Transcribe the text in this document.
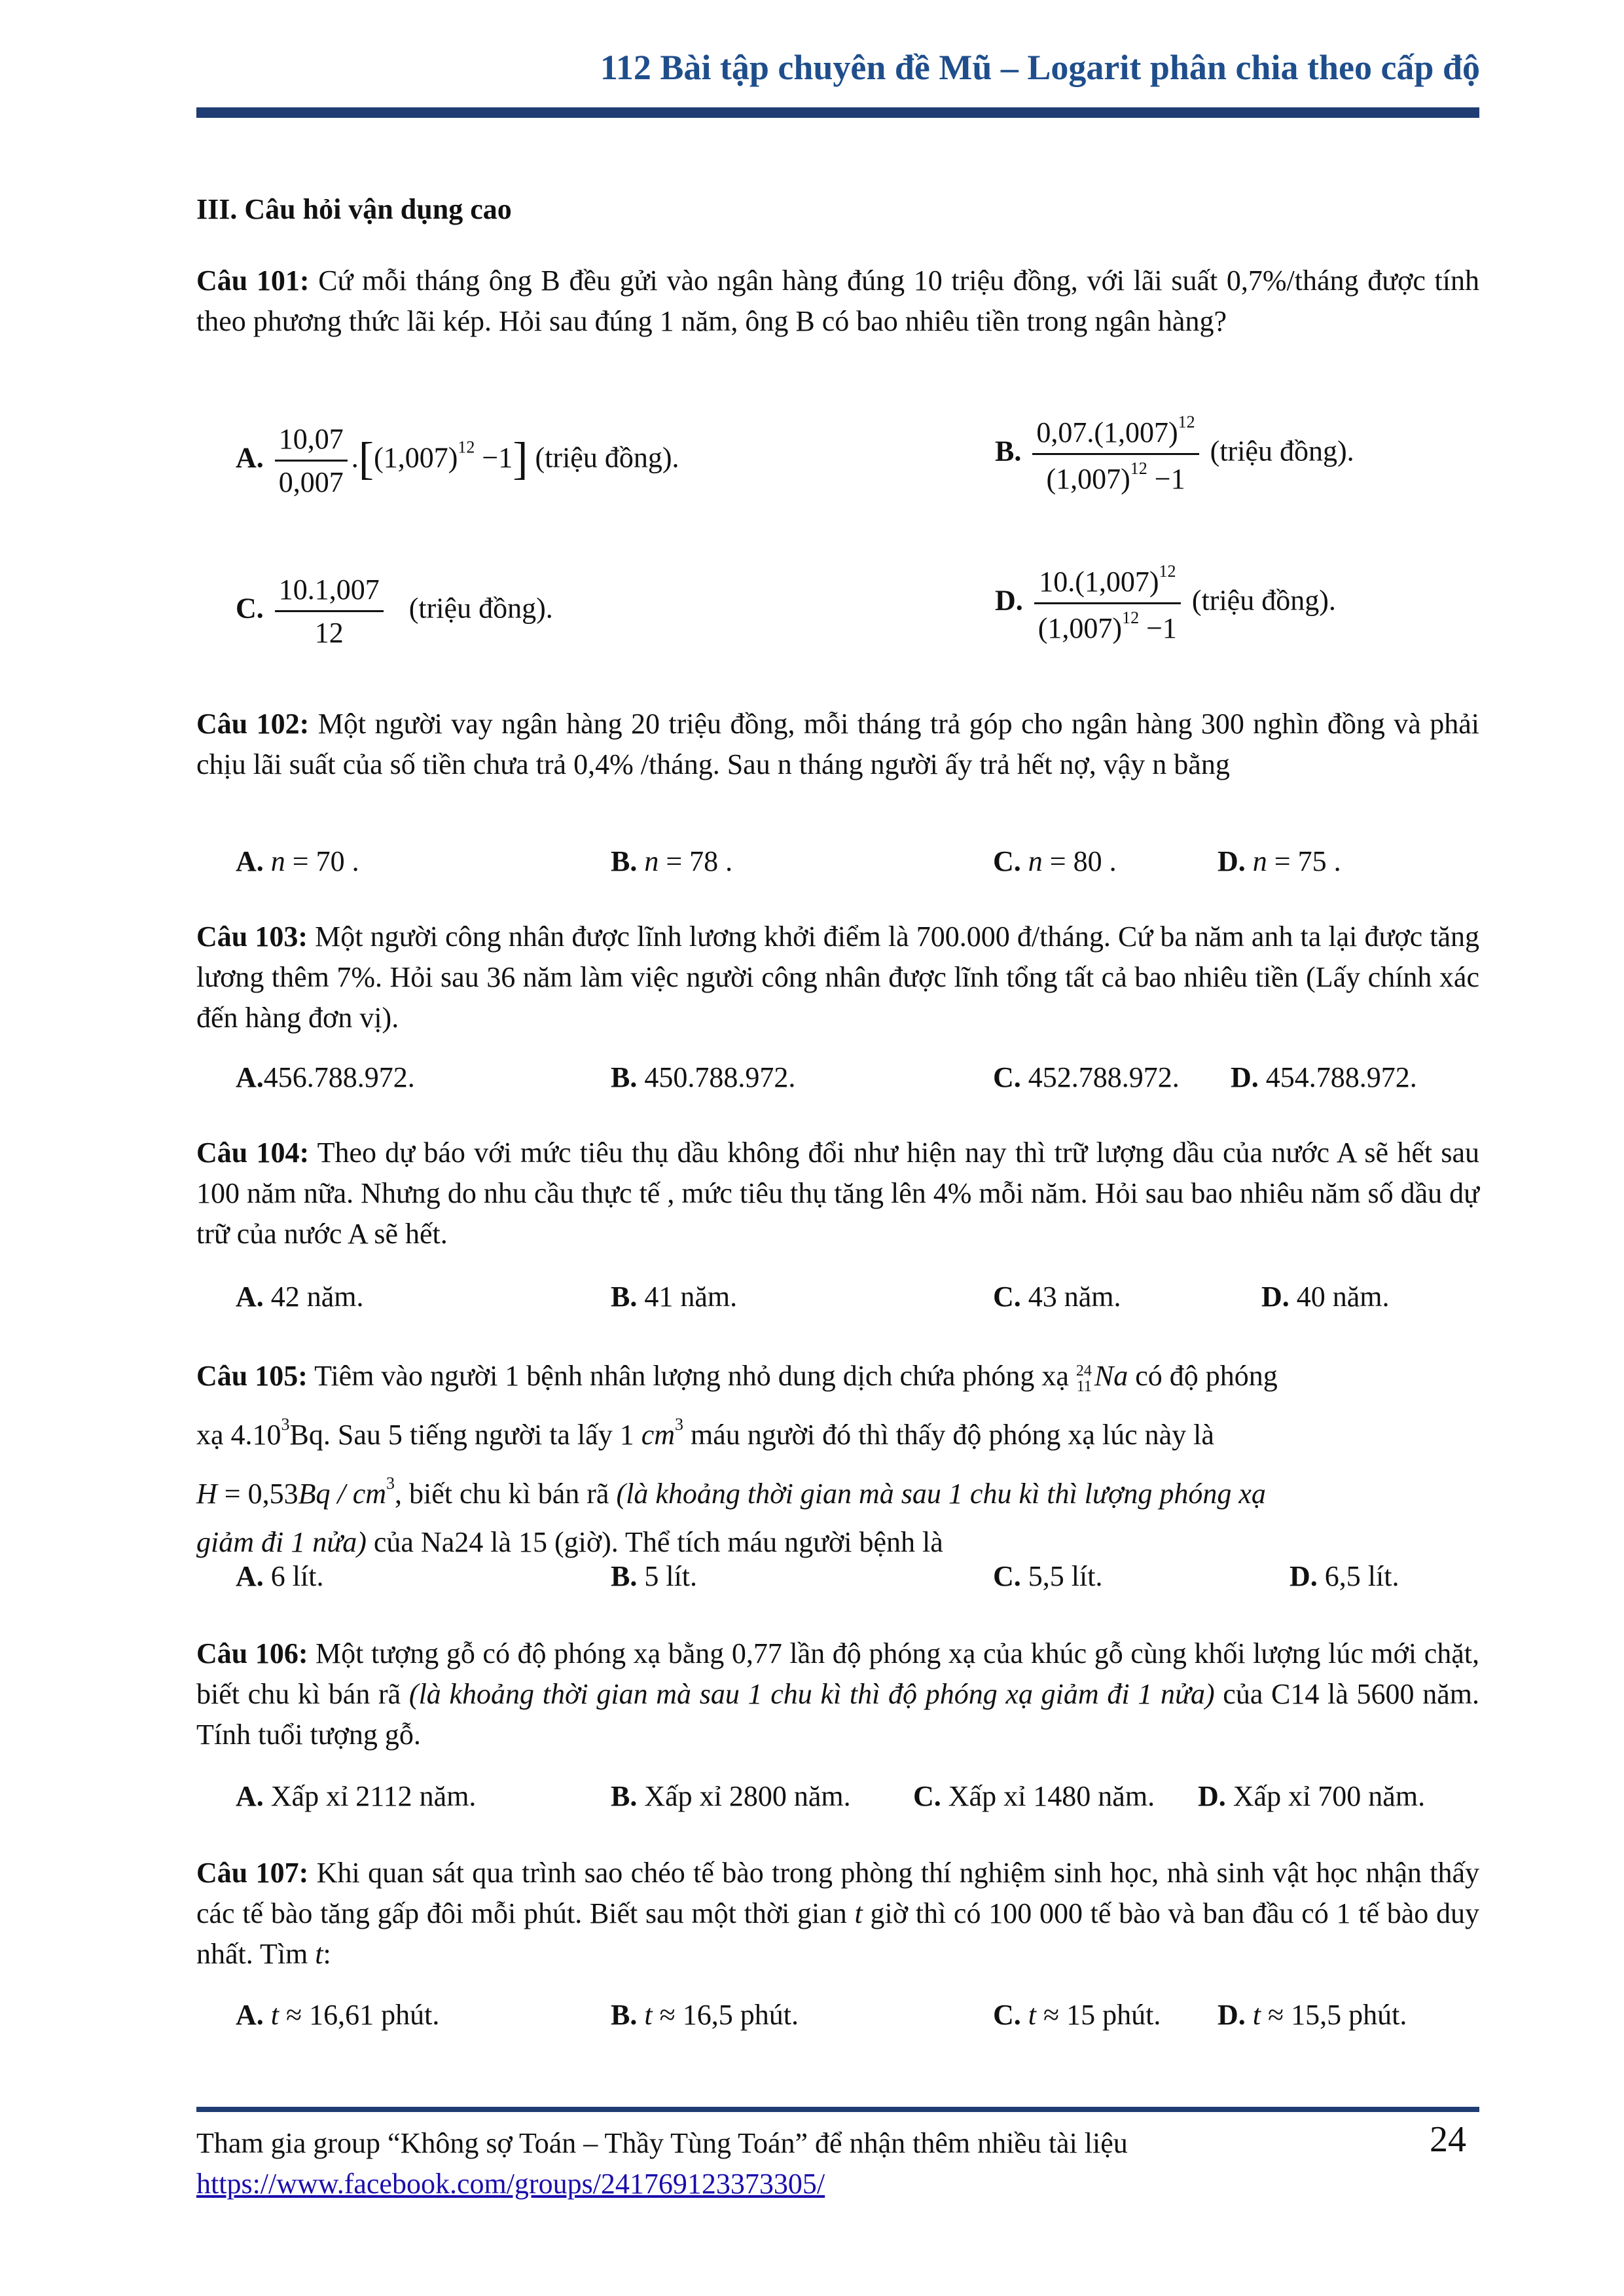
112 Bài tập chuyên đề Mũ – Logarit phân chia theo cấp độ
III. Câu hỏi vận dụng cao
Câu 101: Cứ mỗi tháng ông B đều gửi vào ngân hàng đúng 10 triệu đồng, với lãi suất 0,7%/tháng được tính theo phương thức lãi kép. Hỏi sau đúng 1 năm, ông B có bao nhiêu tiền trong ngân hàng?
A. $\frac{10,07}{0,007} .[(1,007)^{12} -1]$ (triệu đồng).	B. $\frac{0,07.(1,007)^{12}}{(1,007)^{12} -1}$ (triệu đồng).
C. $\frac{10.1,007}{12}$ (triệu đồng).	D. $\frac{10.(1,007)^{12}}{(1,007)^{12} -1}$ (triệu đồng).
Câu 102: Một người vay ngân hàng 20 triệu đồng, mỗi tháng trả góp cho ngân hàng 300 nghìn đồng và phải chịu lãi suất của số tiền chưa trả 0,4% /tháng. Sau n tháng người ấy trả hết nợ, vậy n bằng
A. n = 70 .	B. n = 78 .	C. n = 80 .	D. n = 75 .
Câu 103: Một người công nhân được lĩnh lương khởi điểm là 700.000 đ/tháng. Cứ ba năm anh ta lại được tăng lương thêm 7%. Hỏi sau 36 năm làm việc người công nhân được lĩnh tổng tất cả bao nhiêu tiền (Lấy chính xác đến hàng đơn vị).
A.456.788.972.	B. 450.788.972.	C. 452.788.972. D. 454.788.972.
Câu 104: Theo dự báo với mức tiêu thụ dầu không đổi như hiện nay thì trữ lượng dầu của nước A sẽ hết sau 100 năm nữa. Nhưng do nhu cầu thực tế , mức tiêu thụ tăng lên 4% mỗi năm. Hỏi sau bao nhiêu năm số dầu dự trữ của nước A sẽ hết.
A. 42 năm.	B. 41 năm.	C. 43 năm.	D. 40 năm.
Câu 105: Tiêm vào người 1 bệnh nhân lượng nhỏ dung dịch chứa phóng xạ 24
11 Na có độ phóng
xạ 4.10$^3$Bq. Sau 5 tiếng người ta lấy 1 $cm^3$ máu người đó thì thấy độ phóng xạ lúc này là
$H = 0,53Bq / cm^3$, biết chu kì bán rã (là khoảng thời gian mà sau 1 chu kì thì lượng phóng xạ
giảm đi 1 nửa) của Na24 là 15 (giờ). Thể tích máu người bệnh là
A. 6 lít.	B. 5 lít.	C. 5,5 lít.	D. 6,5 lít.
Câu 106: Một tượng gỗ có độ phóng xạ bằng 0,77 lần độ phóng xạ của khúc gỗ cùng khối lượng lúc mới chặt, biết chu kì bán rã (là khoảng thời gian mà sau 1 chu kì thì độ phóng xạ giảm đi 1 nửa) của C14 là 5600 năm. Tính tuổi tượng gỗ.
A. Xấp xỉ 2112 năm.	B. Xấp xỉ 2800 năm. C. Xấp xỉ 1480 năm. D. Xấp xỉ 700 năm.
Câu 107: Khi quan sát qua trình sao chéo tế bào trong phòng thí nghiệm sinh học, nhà sinh vật học nhận thấy các tế bào tăng gấp đôi mỗi phút. Biết sau một thời gian t giờ thì có 100 000 tế bào và ban đầu có 1 tế bào duy nhất. Tìm t:
A. t ≈ 16,61 phút.	B. t ≈ 16,5 phút.	C. t ≈ 15 phút. D. t ≈ 15,5 phút.
Tham gia group “Không sợ Toán – Thầy Tùng Toán” để nhận thêm nhiều tài liệu
https://www.facebook.com/groups/241769123373305/
24
